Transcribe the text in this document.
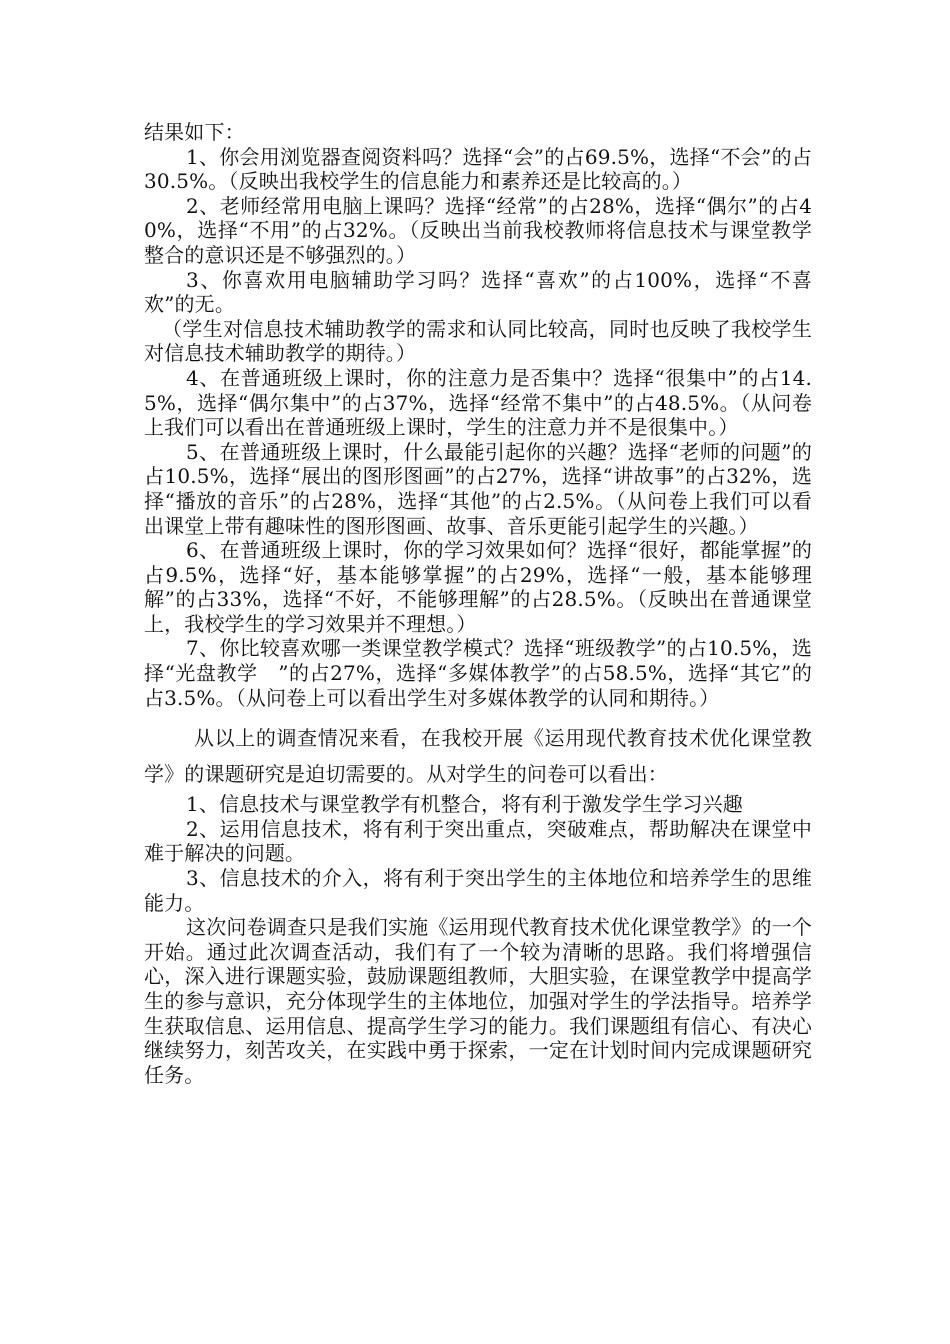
结果如下：

1、你会用浏览器查阅资料吗？选择“会”的占69.5%，选择“不会”的占30.5%。（反映出我校学生的信息能力和素养还是比较高的。）

2、老师经常用电脑上课吗？选择“经常”的占28%，选择“偶尔”的占40%，选择“不用”的占32%。（反映出当前我校教师将信息技术与课堂教学整合的意识还是不够强烈的。）

3、你喜欢用电脑辅助学习吗？选择“喜欢”的占100%，选择“不喜欢”的无。

（学生对信息技术辅助教学的需求和认同比较高，同时也反映了我校学生对信息技术辅助教学的期待。）

4、在普通班级上课时，你的注意力是否集中？选择“很集中”的占14.5%，选择“偶尔集中”的占37%，选择“经常不集中”的占48.5%。（从问卷上我们可以看出在普通班级上课时，学生的注意力并不是很集中。）

5、在普通班级上课时，什么最能引起你的兴趣？选择“老师的问题”的占10.5%，选择“展出的图形图画”的占27%，选择“讲故事”的占32%，选择“播放的音乐”的占28%，选择“其他”的占2.5%。（从问卷上我们可以看出课堂上带有趣味性的图形图画、故事、音乐更能引起学生的兴趣。）

6、在普通班级上课时，你的学习效果如何？选择“很好，都能掌握”的占9.5%，选择“好，基本能够掌握”的占29%，选择“一般，基本能够理解”的占33%，选择“不好，不能够理解”的占28.5%。（反映出在普通课堂上，我校学生的学习效果并不理想。）

7、你比较喜欢哪一类课堂教学模式？选择“班级教学”的占10.5%，选择“光盘教学　”的占27%，选择“多媒体教学”的占58.5%，选择“其它”的占3.5%。（从问卷上可以看出学生对多媒体教学的认同和期待。）

从以上的调查情况来看，在我校开展《运用现代教育技术优化课堂教学》的课题研究是迫切需要的。从对学生的问卷可以看出：

1、信息技术与课堂教学有机整合，将有利于激发学生学习兴趣

2、运用信息技术，将有利于突出重点，突破难点，帮助解决在课堂中难于解决的问题。

3、信息技术的介入，将有利于突出学生的主体地位和培养学生的思维能力。

这次问卷调查只是我们实施《运用现代教育技术优化课堂教学》的一个开始。通过此次调查活动，我们有了一个较为清晰的思路。我们将增强信心，深入进行课题实验，鼓励课题组教师，大胆实验，在课堂教学中提高学生的参与意识，充分体现学生的主体地位，加强对学生的学法指导。培养学生获取信息、运用信息、提高学生学习的能力。我们课题组有信心、有决心继续努力，刻苦攻关，在实践中勇于探索，一定在计划时间内完成课题研究任务。
